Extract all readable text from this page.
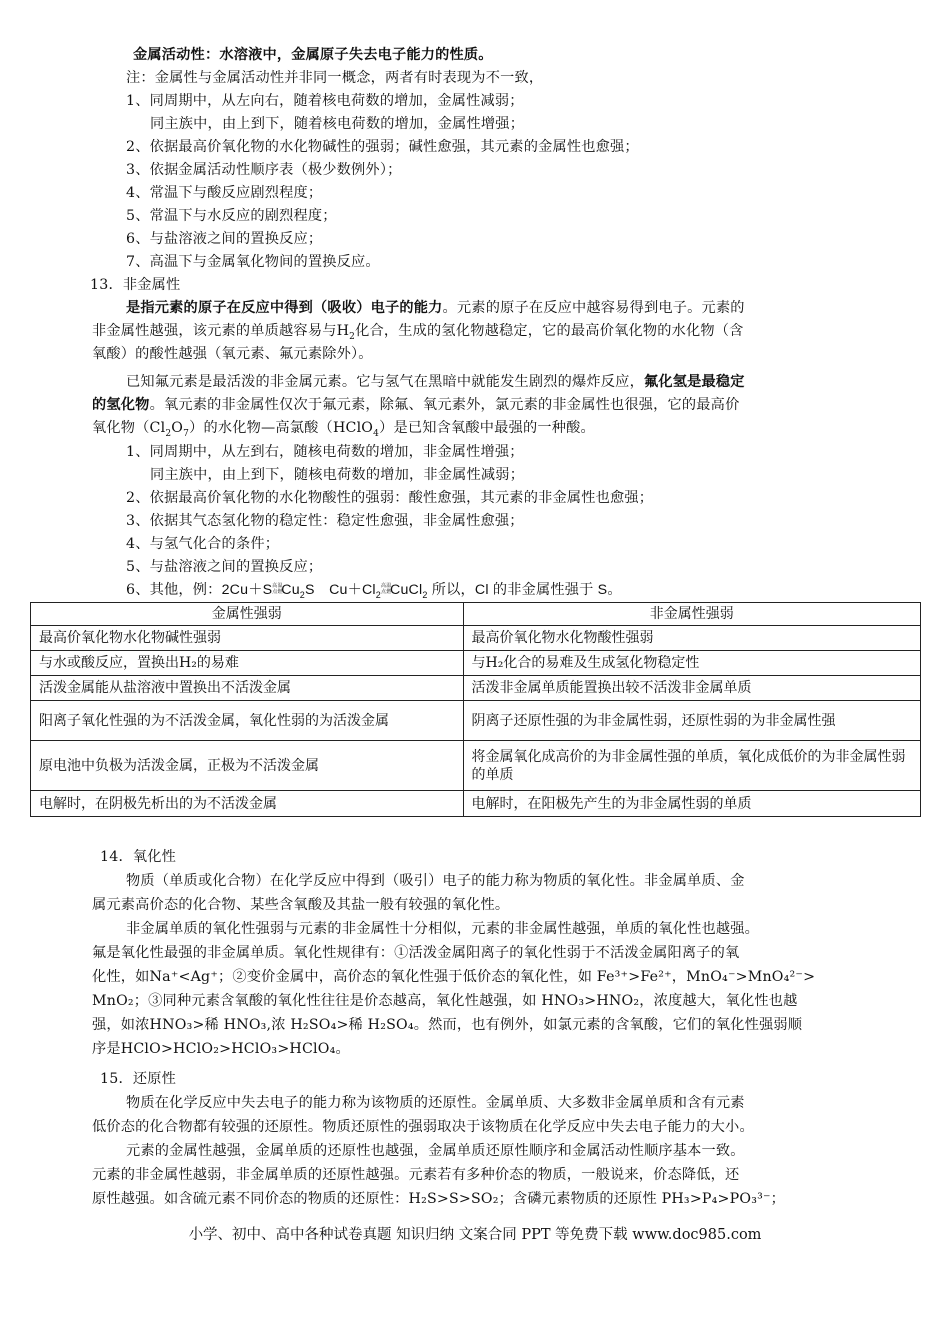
金属活动性：水溶液中，金属原子失去电子能力的性质。
注：金属性与金属活动性并非同一概念，两者有时表现为不一致，
1、同周期中，从左向右，随着核电荷数的增加，金属性减弱；
同主族中，由上到下，随着核电荷数的增加，金属性增强；
2、依据最高价氧化物的水化物碱性的强弱；碱性愈强，其元素的金属性也愈强；
3、依据金属活动性顺序表（极少数例外）；
4、常温下与酸反应剧烈程度；
5、常温下与水反应的剧烈程度；
6、与盐溶液之间的置换反应；
7、高温下与金属氧化物间的置换反应。
13．非金属性
是指元素的原子在反应中得到（吸收）电子的能力。元素的原子在反应中越容易得到电子。元素的
非金属性越强，该元素的单质越容易与$H_2$化合，生成的氢化物越稳定，它的最高价氧化物的水化物（含
氧酸）的酸性越强（氧元素、氟元素除外）。
已知氟元素是最活泼的非金属元素。它与氢气在黑暗中就能发生剧烈的爆炸反应，氟化氢是最稳定
的氢化物。氧元素的非金属性仅次于氟元素，除氟、氧元素外，氯元素的非金属性也很强，它的最高价
氧化物$(Cl_2O_7)$的水化物—高氯酸（HClO$_4$）是已知含氧酸中最强的一种酸。
1、同周期中，从左到右，随核电荷数的增加，非金属性增强；
同主族中，由上到下，随核电荷数的增加，非金属性减弱；
2、依据最高价氧化物的水化物酸性的强弱：酸性愈强，其元素的非金属性也愈强；
3、依据其气态氢化物的稳定性：稳定性愈强，非金属性愈强；
4、与氢气化合的条件；
5、与盐溶液之间的置换反应；
6、其他，例：2Cu＋S 高温
点燃
$Cu_2S$　$Cu+Cl_2$
高温
点燃
CuCl$_2$ 所以，Cl 的非金属性强于 S。
金属性强弱	非金属性强弱
最高价氧化物水化物碱性强弱	最高价氧化物水化物酸性强弱
与水或酸反应，置换出H₂的易难	与H₂化合的易难及生成氢化物稳定性
活泼金属能从盐溶液中置换出不活泼金属	活泼非金属单质能置换出较不活泼非金属单质
阳离子氧化性强的为不活泼金属，氧化性弱的为活泼金属	阴离子还原性强的为非金属性弱，还原性弱的为非金属性强
原电池中负极为活泼金属，正极为不活泼金属	将金属氧化成高价的为非金属性强的单质，氧化成低价的为非金属性弱的单质
电解时，在阴极先析出的为不活泼金属	电解时，在阳极先产生的为非金属性弱的单质
14．氧化性
物质（单质或化合物）在化学反应中得到（吸引）电子的能力称为物质的氧化性。非金属单质、金
属元素高价态的化合物、某些含氧酸及其盐一般有较强的氧化性。
非金属单质的氧化性强弱与元素的非金属性十分相似，元素的非金属性越强，单质的氧化性也越强。
氟是氧化性最强的非金属单质。氧化性规律有：①活泼金属阳离子的氧化性弱于不活泼金属阳离子的氧
化性，如Na⁺<Ag⁺；②变价金属中，高价态的氧化性强于低价态的氧化性，如 Fe³⁺>Fe²⁺，MnO₄⁻>MnO₄²⁻>
MnO₂；③同种元素含氧酸的氧化性往往是价态越高，氧化性越强，如 HNO₃>HNO₂，浓度越大，氧化性也越
强，如浓HNO₃>稀 HNO₃,浓 H₂SO₄>稀 H₂SO₄。然而，也有例外，如氯元素的含氧酸，它们的氧化性强弱顺
序是HClO>HClO₂>HClO₃>HClO₄。
15．还原性
物质在化学反应中失去电子的能力称为该物质的还原性。金属单质、大多数非金属单质和含有元素
低价态的化合物都有较强的还原性。物质还原性的强弱取决于该物质在化学反应中失去电子能力的大小。
元素的金属性越强，金属单质的还原性也越强，金属单质还原性顺序和金属活动性顺序基本一致。
元素的非金属性越弱，非金属单质的还原性越强。元素若有多种价态的物质，一般说来，价态降低，还
原性越强。如含硫元素不同价态的物质的还原性：H₂S>S>SO₂；含磷元素物质的还原性 PH₃>P₄>PO₃³⁻；
小学、初中、高中各种试卷真题 知识归纳 文案合同 PPT 等免费下载 www.doc985.com
